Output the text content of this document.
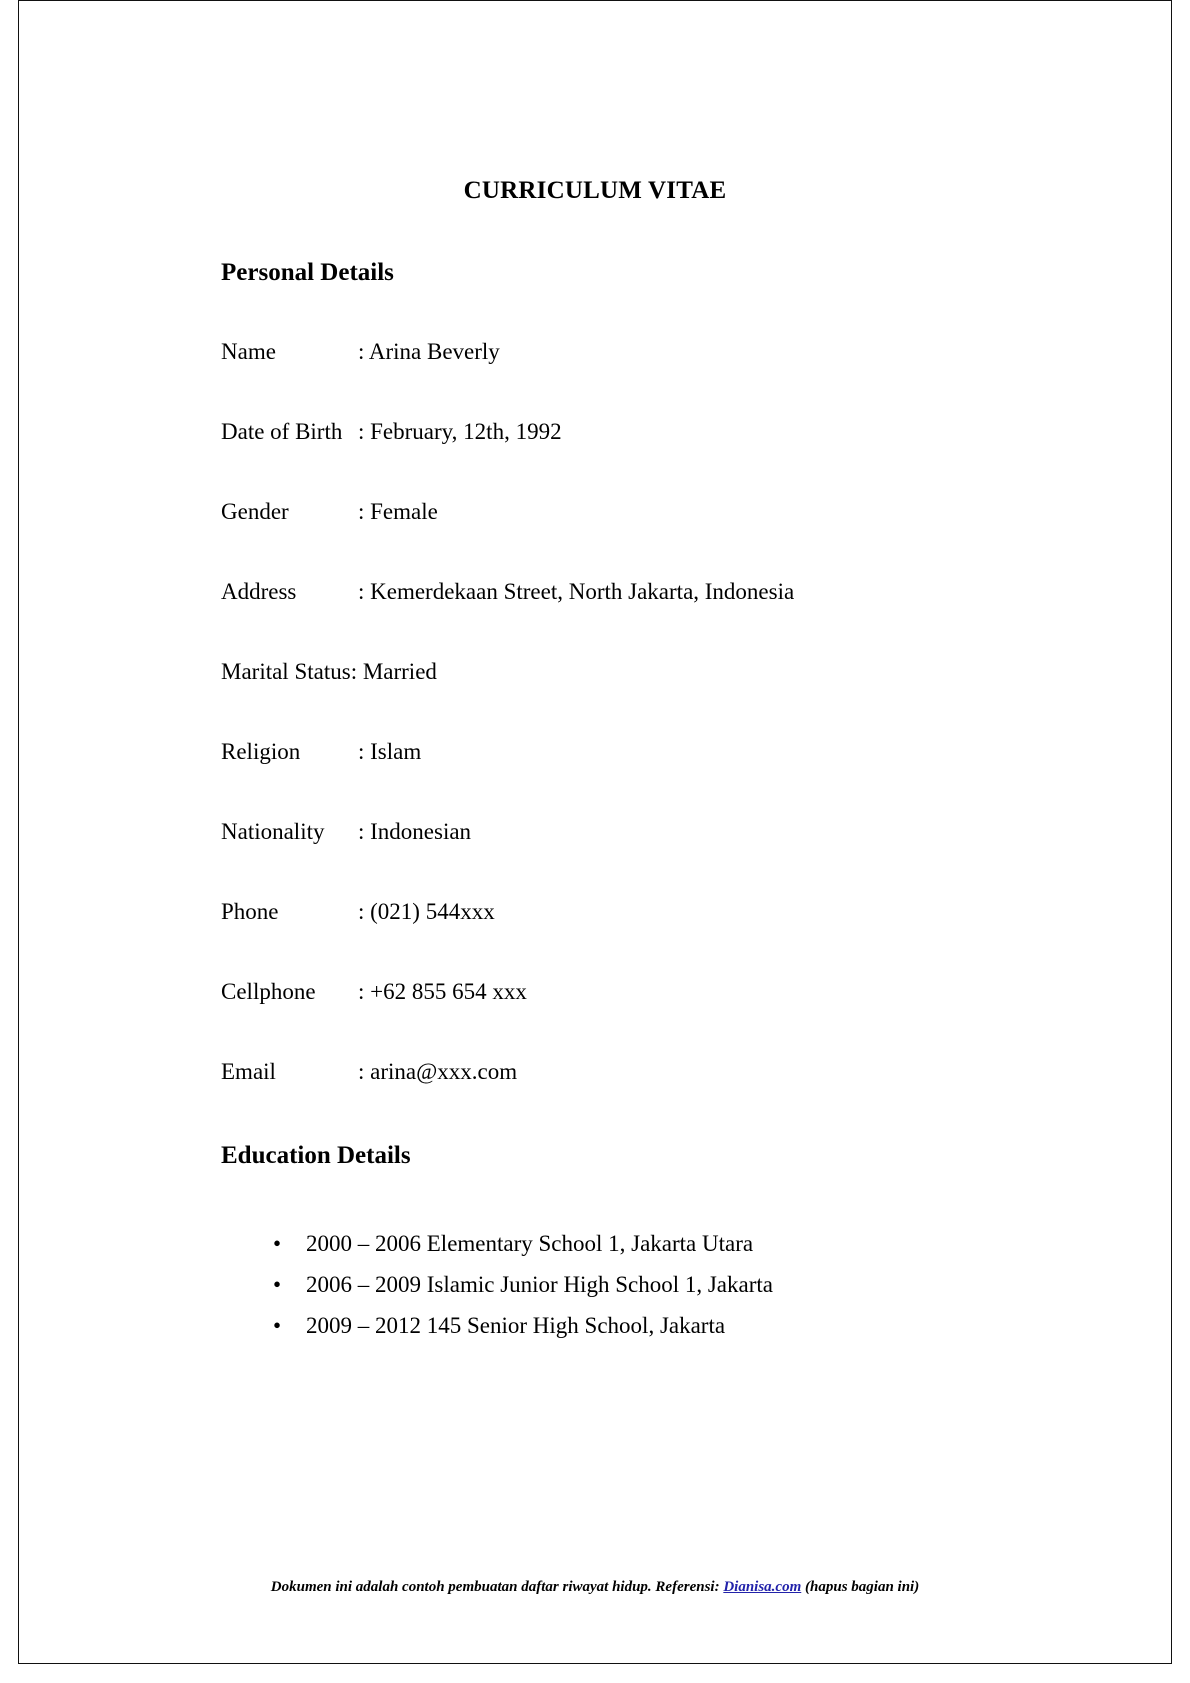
CURRICULUM VITAE
Personal Details
Name	: Arina Beverly
Date of Birth : February, 12th, 1992
Gender	: Female
Address	: Kemerdekaan Street, North Jakarta, Indonesia
Marital Status: Married
Religion	: Islam
Nationality : Indonesian
Phone	: (021) 544xxx
Cellphone : +62 855 654 xxx
Email	: arina@xxx.com
Education Details
• 2000 – 2006 Elementary School 1, Jakarta Utara
• 2006 – 2009 Islamic Junior High School 1, Jakarta
• 2009 – 2012 145 Senior High School, Jakarta
Dokumen ini adalah contoh pembuatan daftar riwayat hidup. Referensi: Dianisa.com (hapus bagian ini)
